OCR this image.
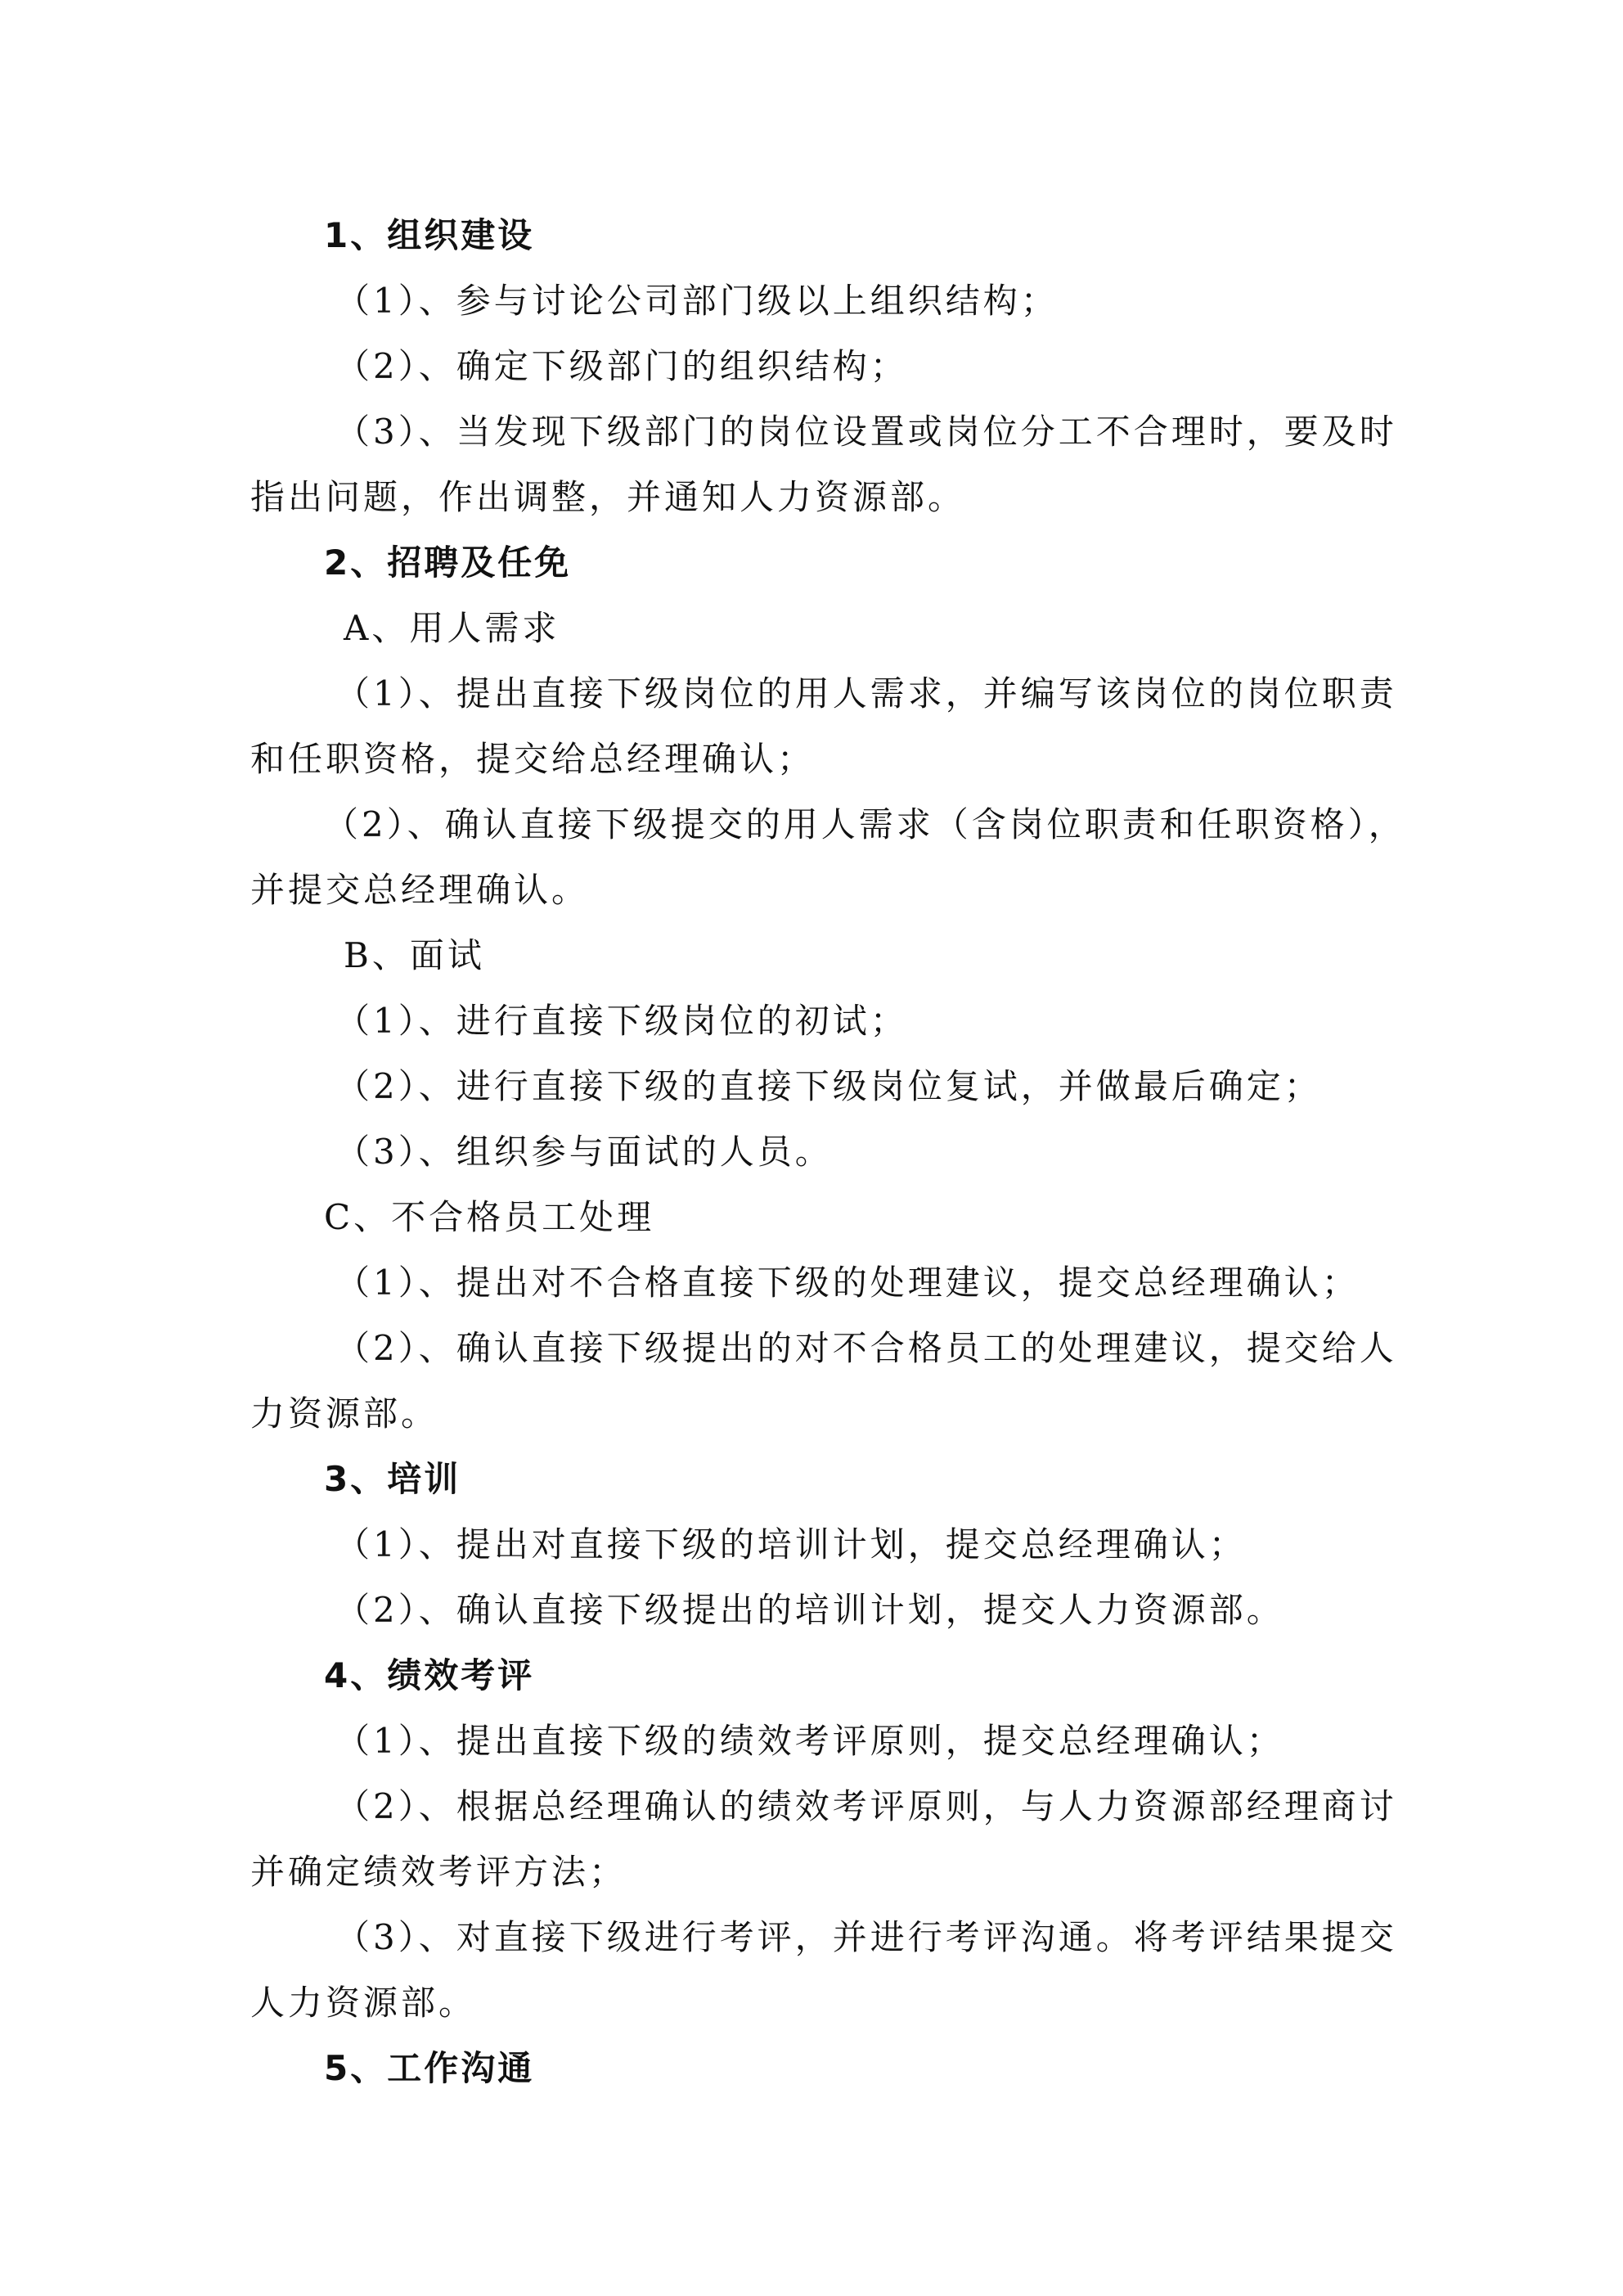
1、组织建设
（1）、参与讨论公司部门级以上组织结构；
（2）、确定下级部门的组织结构；
（3）、当发现下级部门的岗位设置或岗位分工不合理时，要及时
指出问题，作出调整，并通知人力资源部。
2、招聘及任免
A、用人需求
（1）、提出直接下级岗位的用人需求，并编写该岗位的岗位职责
和任职资格，提交给总经理确认；
（2）、确认直接下级提交的用人需求（含岗位职责和任职资格），
并提交总经理确认。
B、面试
（1）、进行直接下级岗位的初试；
（2）、进行直接下级的直接下级岗位复试，并做最后确定；
（3）、组织参与面试的人员。
C、不合格员工处理
（1）、提出对不合格直接下级的处理建议，提交总经理确认；
（2）、确认直接下级提出的对不合格员工的处理建议，提交给人
力资源部。
3、培训
（1）、提出对直接下级的培训计划，提交总经理确认；
（2）、确认直接下级提出的培训计划，提交人力资源部。
4、绩效考评
（1）、提出直接下级的绩效考评原则，提交总经理确认；
（2）、根据总经理确认的绩效考评原则，与人力资源部经理商讨
并确定绩效考评方法；
（3）、对直接下级进行考评，并进行考评沟通。将考评结果提交
人力资源部。
5、工作沟通
